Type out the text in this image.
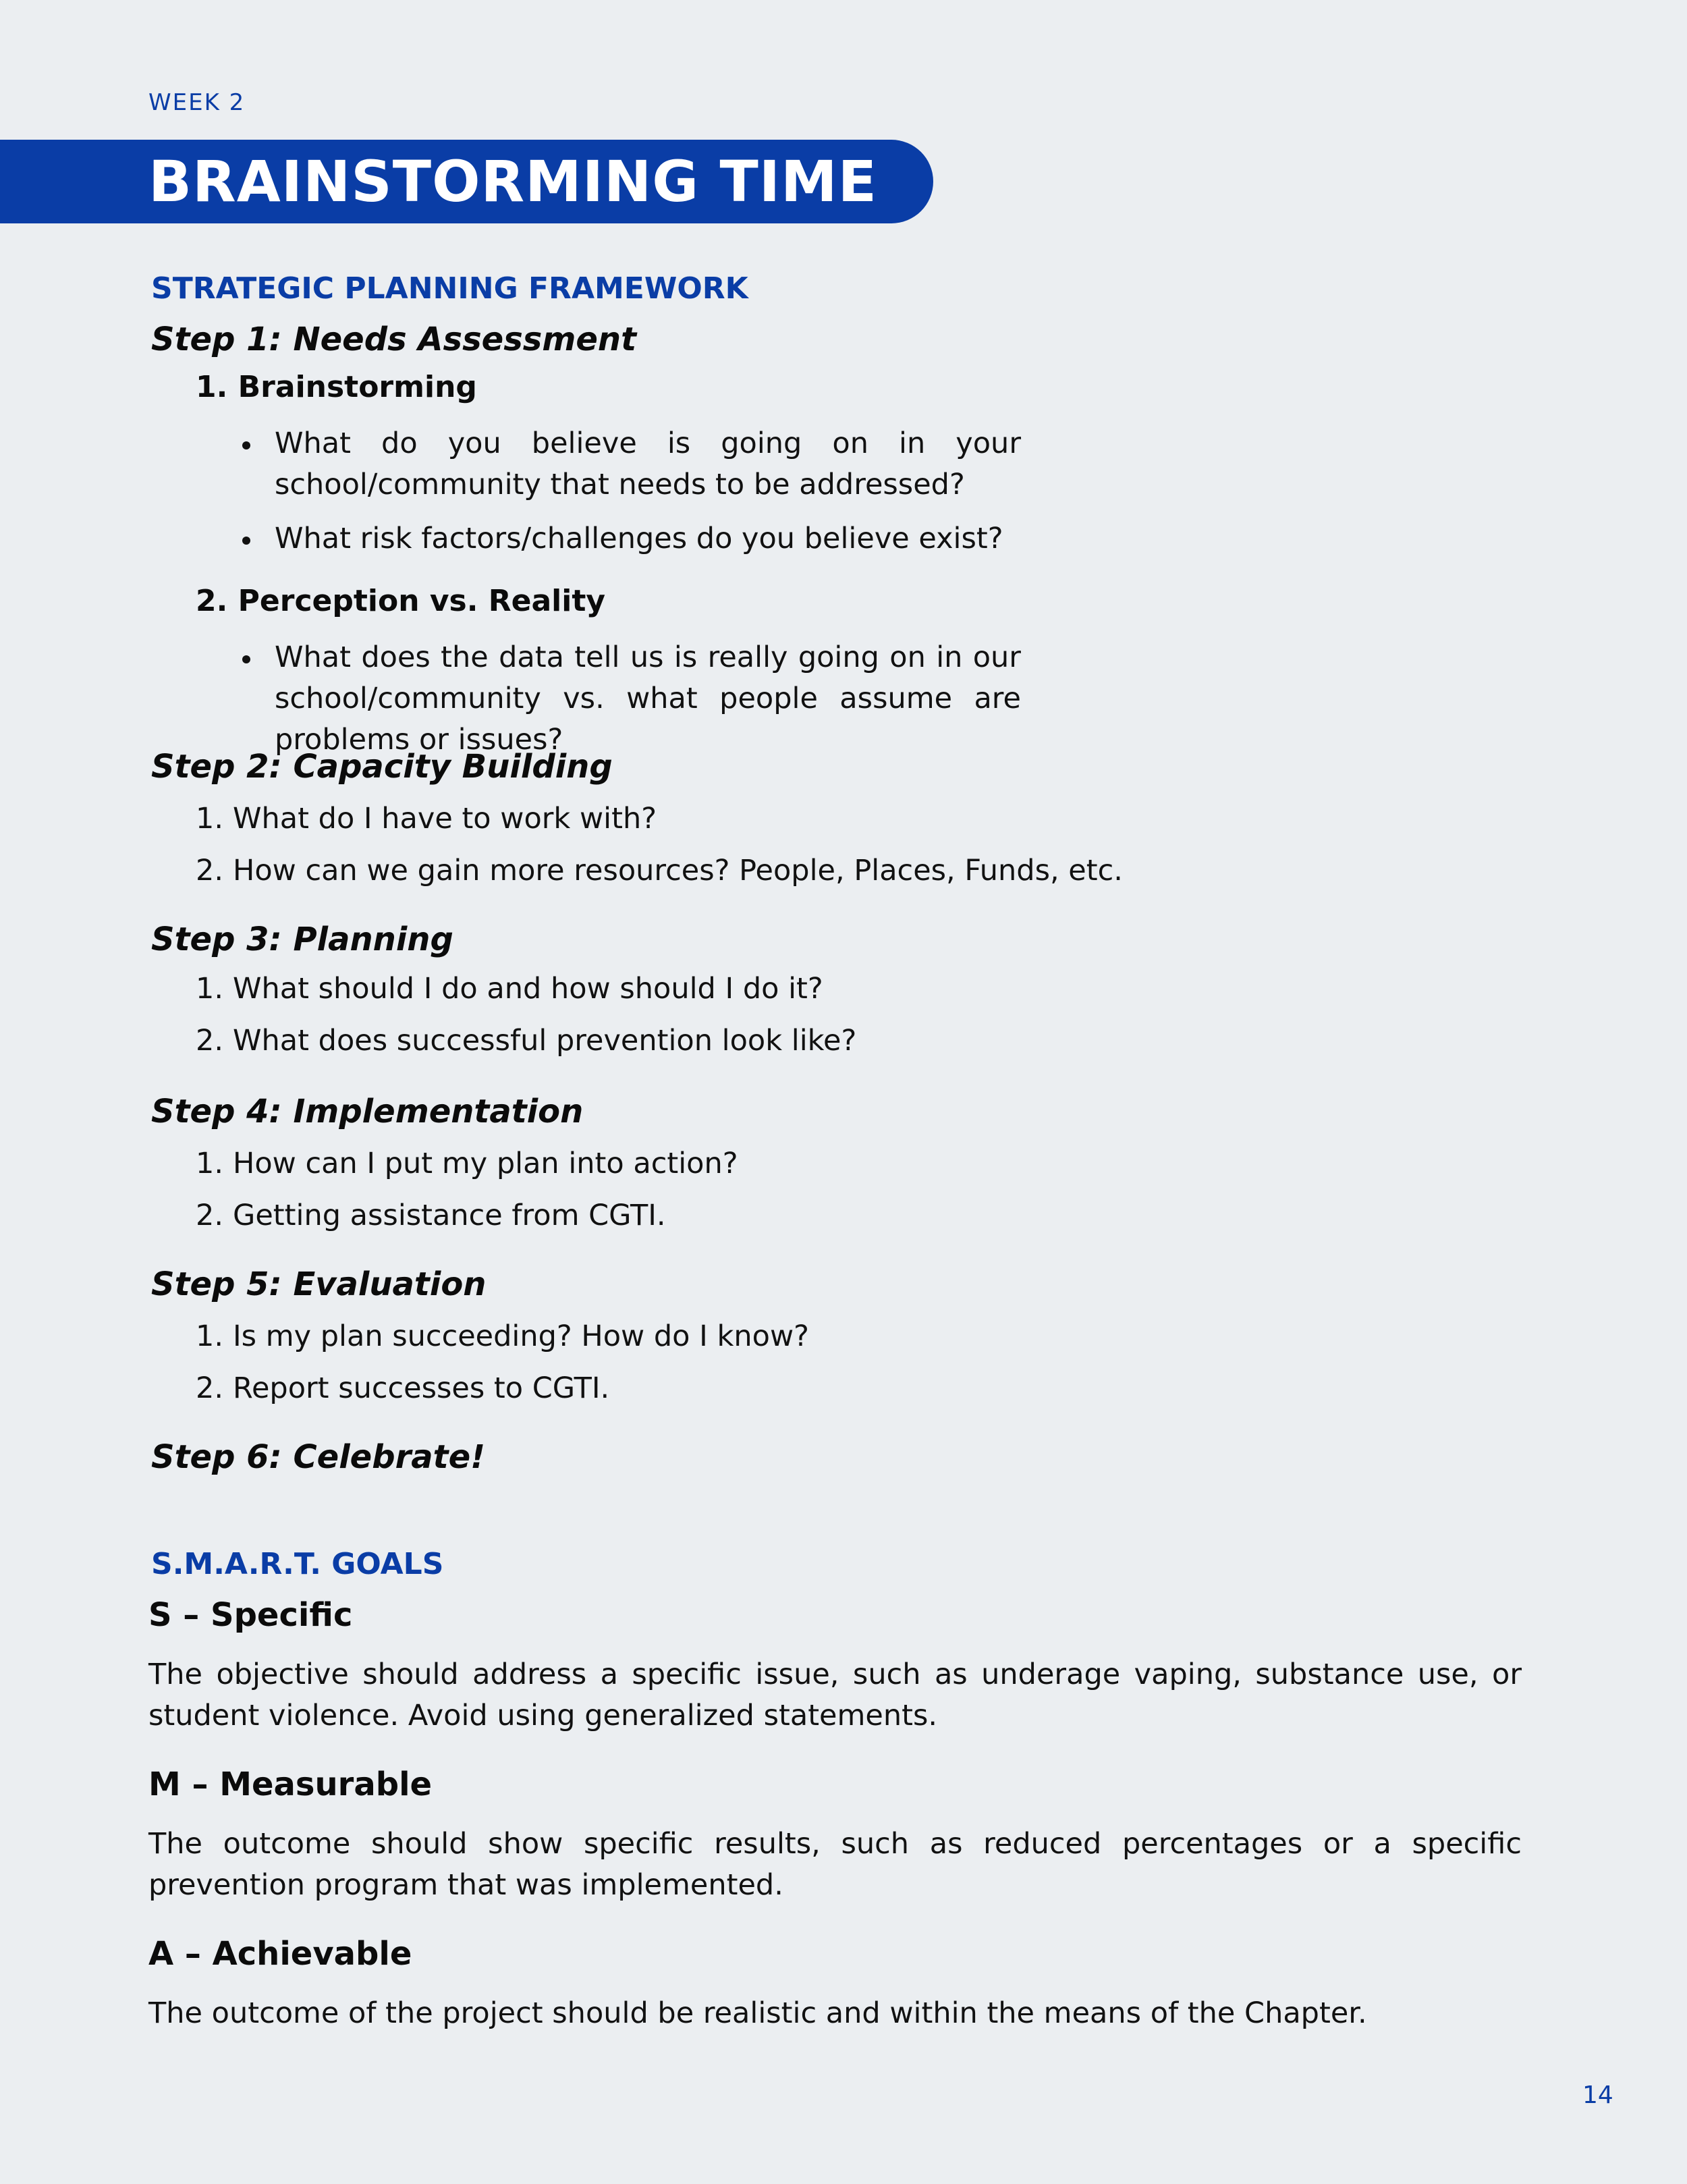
WEEK 2
BRAINSTORMING TIME
STRATEGIC PLANNING FRAMEWORK
Step 1: Needs Assessment
1. Brainstorming
What do you believe is going on in your school/community that needs to be addressed?
What risk factors/challenges do you believe exist?
2. Perception vs. Reality
What does the data tell us is really going on in our school/community vs. what people assume are problems or issues?
Step 2: Capacity Building
1. What do I have to work with?
2. How can we gain more resources? People, Places, Funds, etc.
Step 3: Planning
1. What should I do and how should I do it?
2. What does successful prevention look like?
Step 4: Implementation
1. How can I put my plan into action?
2. Getting assistance from CGTI.
Step 5: Evaluation
1. Is my plan succeeding? How do I know?
2. Report successes to CGTI.
Step 6: Celebrate!
S.M.A.R.T. GOALS
S – Specific
The objective should address a specific issue, such as underage vaping, substance use, or student violence. Avoid using generalized statements.
M – Measurable
The outcome should show specific results, such as reduced percentages or a specific prevention program that was implemented.
A – Achievable
The outcome of the project should be realistic and within the means of the Chapter.
14
